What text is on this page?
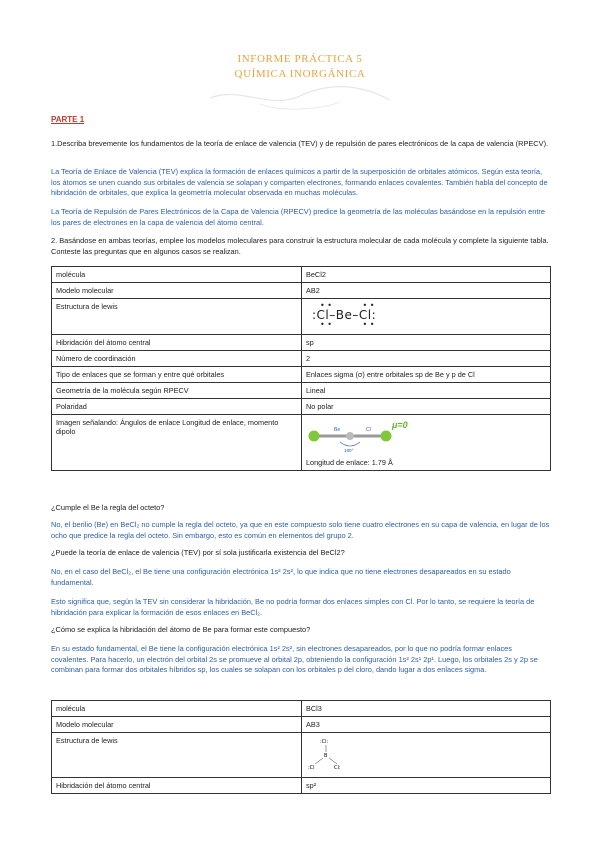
INFORME PRÁCTICA 5
QUÍMICA INORGÁNICA
PARTE 1
1.Describa brevemente los fundamentos de la teoría de enlace de valencia (TEV) y de repulsión de pares electrónicos de la capa de valencia (RPECV).
La Teoría de Enlace de Valencia (TEV) explica la formación de enlaces químicos a partir de la superposición de orbitales atómicos. Según esta teoría, los átomos se unen cuando sus orbitales de valencia se solapan y comparten electrones, formando enlaces covalentes. También habla del concepto de hibridación de orbitales, que explica la geometría molecular observada en muchas moléculas.
La Teoría de Repulsión de Pares Electrónicos de la Capa de Valencia (RPECV) predice la geometría de las moléculas basándose en la repulsión entre los pares de electrones en la capa de valencia del átomo central.
2. Basándose en ambas teorías, emplee los modelos moleculares para construir la estructura molecular de cada molécula y complete la siguiente tabla. Conteste las preguntas que en algunos casos se realizan.
molécula	BeCl2
Modelo molecular	AB2
Estructura de lewis	:Cl–Be–Cl:
• •            • •
• •            • •

Hibridación del átomo central	sp
Número de coordinación	2
Tipo de enlaces que se forman y entre qué orbitales	Enlaces sigma (σ) entre orbitales sp de Be y p de Cl
Geometría de la molécula según RPECV	Lineal
Polaridad	No polar
Imagen señalando: Ángulos de enlace Longitud de enlace, momento dipolo	Be Cl
180°
μ=0
Longitud de enlace: 1.79 Å
¿Cumple el Be la regla del octeto?
No, el berilio (Be) en BeCl₂ no cumple la regla del octeto, ya que en este compuesto solo tiene cuatro electrones en su capa de valencia, en lugar de los ocho que predice la regla del octeto. Sin embargo, esto es común en elementos del grupo 2.
¿Puede la teoría de enlace de valencia (TEV) por sí sola justificarla existencia del BeCl2?
No, en el caso del BeCl₂, el Be tiene una configuración electrónica 1s² 2s², lo que indica que no tiene electrones desapareados en su estado fundamental.
Esto significa que, según la TEV sin considerar la hibridación, Be no podría formar dos enlaces simples con Cl. Por lo tanto, se requiere la teoría de hibridación para explicar la formación de esos enlaces en BeCl₂.
¿Cómo se explica la hibridación del átomo de Be para formar este compuesto?
En su estado fundamental, el Be tiene la configuración electrónica 1s² 2s², sin electrones desapareados, por lo que no podría formar enlaces covalentes. Para hacerlo, un electrón del orbital 2s se promueve al orbital 2p, obteniendo la configuración 1s² 2s¹ 2p¹. Luego, los orbitales 2s y 2p se combinan para formar dos orbitales híbridos sp, los cuales se solapan con los orbitales p del cloro, dando lugar a dos enlaces sigma.
molécula	BCl3
Modelo molecular	AB3
Estructura de lewis	:Cl:
B
:Cl Cl:

Hibridación del átomo central	sp²
